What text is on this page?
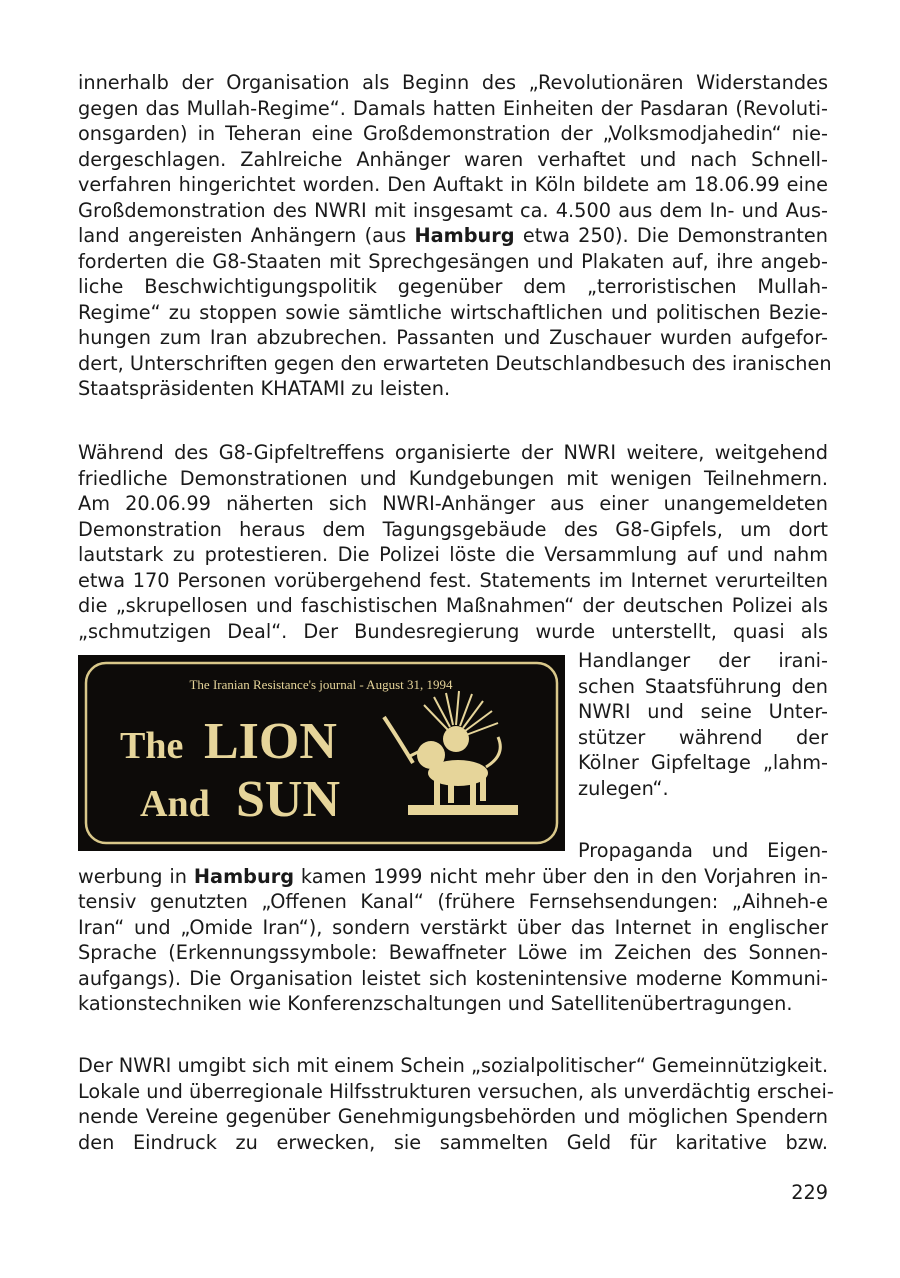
innerhalb der Organisation als Beginn des „Revolutionären Widerstandes
gegen das Mullah-Regime“. Damals hatten Einheiten der Pasdaran (Revoluti-
onsgarden) in Teheran eine Großdemonstration der „Volksmodjahedin“ nie-
dergeschlagen. Zahlreiche Anhänger waren verhaftet und nach Schnell-
verfahren hingerichtet worden. Den Auftakt in Köln bildete am 18.06.99 eine
Großdemonstration des NWRI mit insgesamt ca. 4.500 aus dem In- und Aus-
land angereisten Anhängern (aus Hamburg etwa 250). Die Demonstranten
forderten die G8-Staaten mit Sprechgesängen und Plakaten auf, ihre angeb-
liche Beschwichtigungspolitik gegenüber dem „terroristischen Mullah-
Regime“ zu stoppen sowie sämtliche wirtschaftlichen und politischen Bezie-
hungen zum Iran abzubrechen. Passanten und Zuschauer wurden aufgefor-
dert, Unterschriften gegen den erwarteten Deutschlandbesuch des iranischen
Staatspräsidenten KHATAMI zu leisten.
Während des G8-Gipfeltreffens organisierte der NWRI weitere, weitgehend
friedliche Demonstrationen und Kundgebungen mit wenigen Teilnehmern.
Am 20.06.99 näherten sich NWRI-Anhänger aus einer unangemeldeten
Demonstration heraus dem Tagungsgebäude des G8-Gipfels, um dort
lautstark zu protestieren. Die Polizei löste die Versammlung auf und nahm
etwa 170 Personen vorübergehend fest. Statements im Internet verurteilten
die „skrupellosen und faschistischen Maßnahmen“ der deutschen Polizei als
„schmutzigen Deal“. Der Bundesregierung wurde unterstellt, quasi als
Handlanger der irani-
schen Staatsführung den
NWRI und seine Unter-
stützer während der
Kölner Gipfeltage „lahm-
zulegen“.
The Iranian Resistance's journal - August 31, 1994
The LION
And SUN
Propaganda und Eigen-
werbung in Hamburg kamen 1999 nicht mehr über den in den Vorjahren in-
tensiv genutzten „Offenen Kanal“ (frühere Fernsehsendungen: „Aihneh-e
Iran“ und „Omide Iran“), sondern verstärkt über das Internet in englischer
Sprache (Erkennungssymbole: Bewaffneter Löwe im Zeichen des Sonnen-
aufgangs). Die Organisation leistet sich kostenintensive moderne Kommuni-
kationstechniken wie Konferenzschaltungen und Satellitenübertragungen.
Der NWRI umgibt sich mit einem Schein „sozialpolitischer“ Gemeinnützigkeit.
Lokale und überregionale Hilfsstrukturen versuchen, als unverdächtig erschei-
nende Vereine gegenüber Genehmigungsbehörden und möglichen Spendern
den Eindruck zu erwecken, sie sammelten Geld für karitative bzw.
229
